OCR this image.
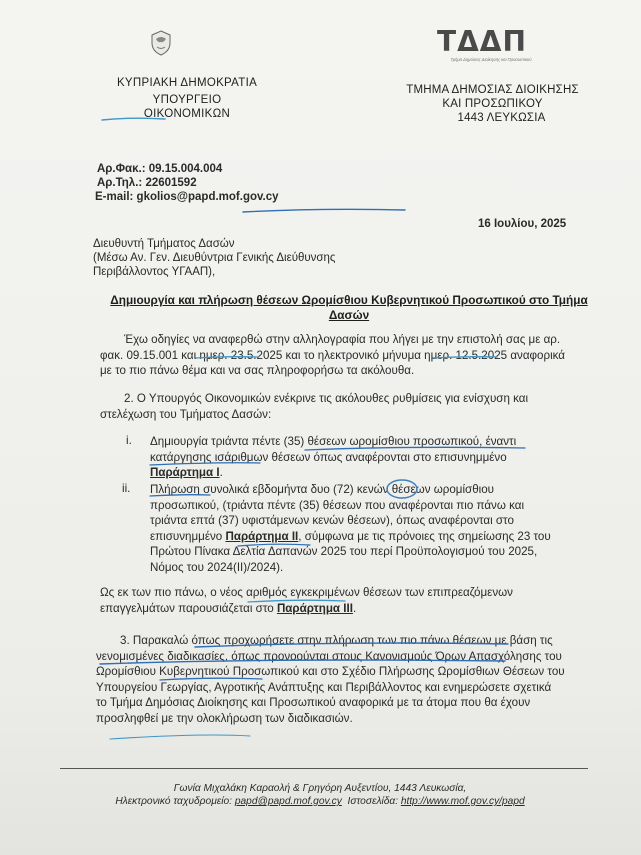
ΚΥΠΡΙΑΚΗ ΔΗΜΟΚΡΑΤΙΑ
ΥΠΟΥΡΓΕΙΟ
ΟΙΚΟΝΟΜΙΚΩΝ
ΤΔΔΠ
Τμήμα Δημόσιας Διοίκησης και Προσωπικού
ΤΜΗΜΑ ΔΗΜΟΣΙΑΣ ΔΙΟΙΚΗΣΗΣ
ΚΑΙ ΠΡΟΣΩΠΙΚΟΥ
1443 ΛΕΥΚΩΣΙΑ
Αρ.Φακ.: 09.15.004.004
Αρ.Τηλ.: 22601592
E-mail: gkolios@papd.mof.gov.cy
16 Ιουλίου, 2025
Διευθυντή Τμήματος Δασών
(Μέσω Αν. Γεν. Διευθύντρια Γενικής Διεύθυνσης
Περιβάλλοντος ΥΓΑΑΠ),
Δημιουργία και πλήρωση θέσεων Ωρομίσθιου Κυβερνητικού Προσωπικού στο Τμήμα Δασών
Έχω οδηγίες να αναφερθώ στην αλληλογραφία που λήγει με την επιστολή σας με αρ.
φακ. 09.15.001 και ημερ. 23.5.2025 και το ηλεκτρονικό μήνυμα ημερ. 12.5.2025 αναφορικά
με το πιο πάνω θέμα και να σας πληροφορήσω τα ακόλουθα.
2. Ο Υπουργός Οικονομικών ενέκρινε τις ακόλουθες ρυθμίσεις για ενίσχυση και
στελέχωση του Τμήματος Δασών:
i. Δημιουργία τριάντα πέντε (35) θέσεων ωρομίσθιου προσωπικού, έναντι
κατάργησης ισάριθμων θέσεων όπως αναφέρονται στο επισυνημμένο
Παράρτημα Ι.
ii. Πλήρωση συνολικά εβδομήντα δυο (72) κενών θέσεων ωρομίσθιου
προσωπικού, (τριάντα πέντε (35) θέσεων που αναφέρονται πιο πάνω και
τριάντα επτά (37) υφιστάμενων κενών θέσεων), όπως αναφέρονται στο
επισυνημμένο Παράρτημα ΙΙ, σύμφωνα με τις πρόνοιες της σημείωσης 23 του
Πρώτου Πίνακα Δελτία Δαπανών 2025 του περί Προϋπολογισμού του 2025,
Νόμος του 2024(ΙΙ)/2024).
Ως εκ των πιο πάνω, ο νέος αριθμός εγκεκριμένων θέσεων των επιπρεαζόμενων
επαγγελμάτων παρουσιάζεται στο Παράρτημα ΙΙΙ.
3. Παρακαλώ όπως προχωρήσετε στην πλήρωση των πιο πάνω θέσεων με βάση τις
νενομισμένες διαδικασίες, όπως προνοούνται στους Κανονισμούς Όρων Απασχόλησης του
Ωρομίσθιου Κυβερνητικού Προσωπικού και στο Σχέδιο Πλήρωσης Ωρομίσθιων Θέσεων του
Υπουργείου Γεωργίας, Αγροτικής Ανάπτυξης και Περιβάλλοντος και ενημερώσετε σχετικά
το Τμήμα Δημόσιας Διοίκησης και Προσωπικού αναφορικά με τα άτομα που θα έχουν
προσληφθεί με την ολοκλήρωση των διαδικασιών.
Γωνία Μιχαλάκη Καραολή & Γρηγόρη Αυξεντίου, 1443 Λευκωσία,
Ηλεκτρονικό ταχυδρομείο: papd@papd.mof.gov.cy Ιστοσελίδα: http://www.mof.gov.cy/papd
